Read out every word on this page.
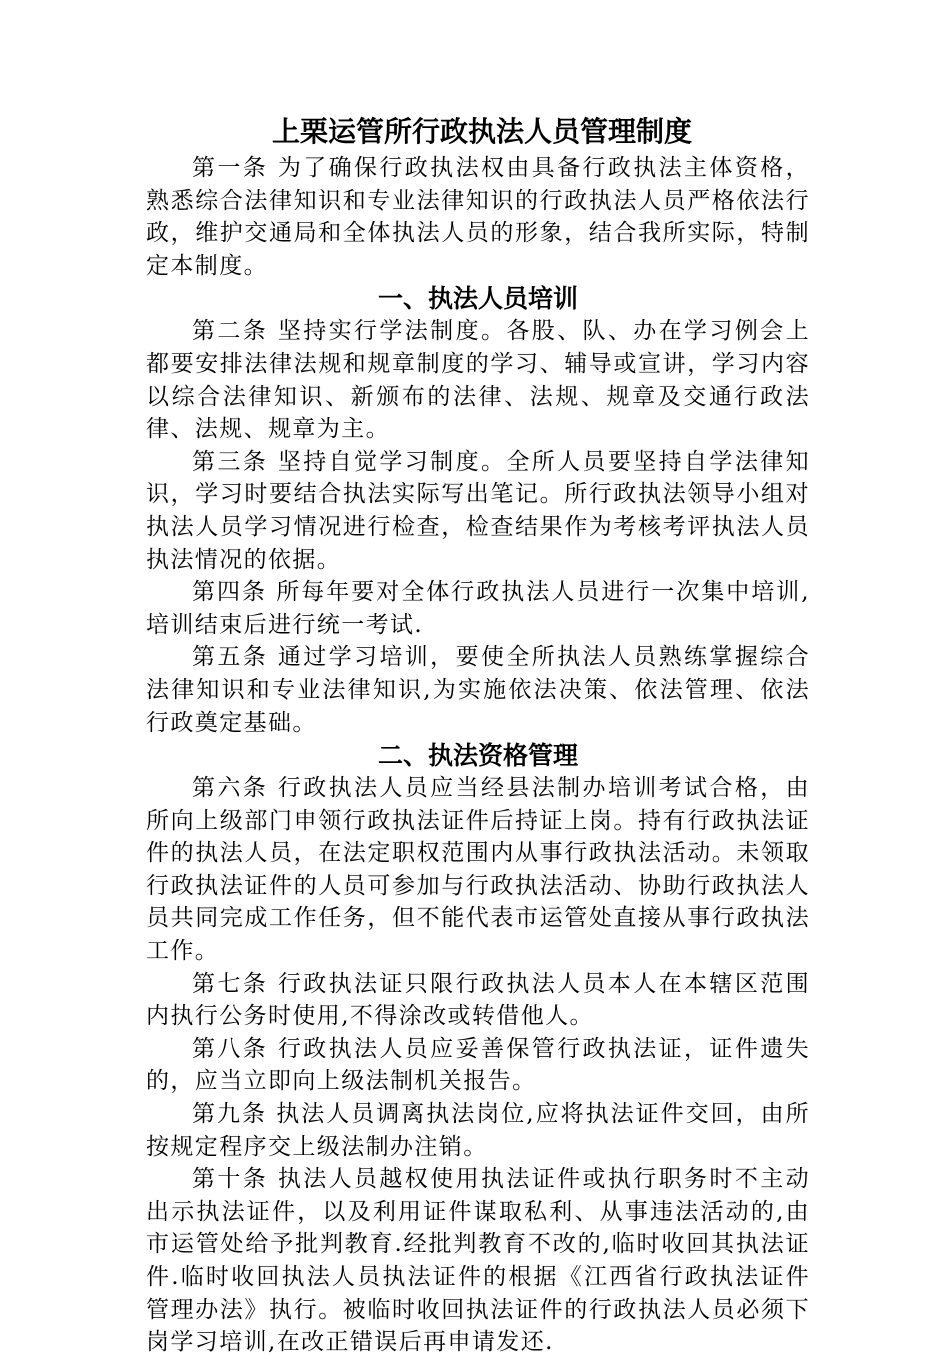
上栗运管所行政执法人员管理制度

第一条 为了确保行政执法权由具备行政执法主体资格，熟悉综合法律知识和专业法律知识的行政执法人员严格依法行政，维护交通局和全体执法人员的形象，结合我所实际，特制定本制度。

一、执法人员培训

第二条 坚持实行学法制度。各股、队、办在学习例会上都要安排法律法规和规章制度的学习、辅导或宣讲，学习内容以综合法律知识、新颁布的法律、法规、规章及交通行政法律、法规、规章为主。

第三条 坚持自觉学习制度。全所人员要坚持自学法律知识，学习时要结合执法实际写出笔记。所行政执法领导小组对执法人员学习情况进行检查，检查结果作为考核考评执法人员执法情况的依据。

第四条 所每年要对全体行政执法人员进行一次集中培训,培训结束后进行统一考试.

第五条 通过学习培训，要使全所执法人员熟练掌握综合法律知识和专业法律知识,为实施依法决策、依法管理、依法行政奠定基础。

二、执法资格管理

第六条 行政执法人员应当经县法制办培训考试合格，由所向上级部门申领行政执法证件后持证上岗。持有行政执法证件的执法人员，在法定职权范围内从事行政执法活动。未领取行政执法证件的人员可参加与行政执法活动、协助行政执法人员共同完成工作任务，但不能代表市运管处直接从事行政执法工作。

第七条 行政执法证只限行政执法人员本人在本辖区范围内执行公务时使用,不得涂改或转借他人。

第八条 行政执法人员应妥善保管行政执法证，证件遗失的，应当立即向上级法制机关报告。

第九条 执法人员调离执法岗位,应将执法证件交回，由所按规定程序交上级法制办注销。

第十条 执法人员越权使用执法证件或执行职务时不主动出示执法证件，以及利用证件谋取私利、从事违法活动的,由市运管处给予批判教育.经批判教育不改的,临时收回其执法证件.临时收回执法人员执法证件的根据《江西省行政执法证件管理办法》执行。被临时收回执法证件的行政执法人员必须下岗学习培训,在改正错误后再申请发还.
